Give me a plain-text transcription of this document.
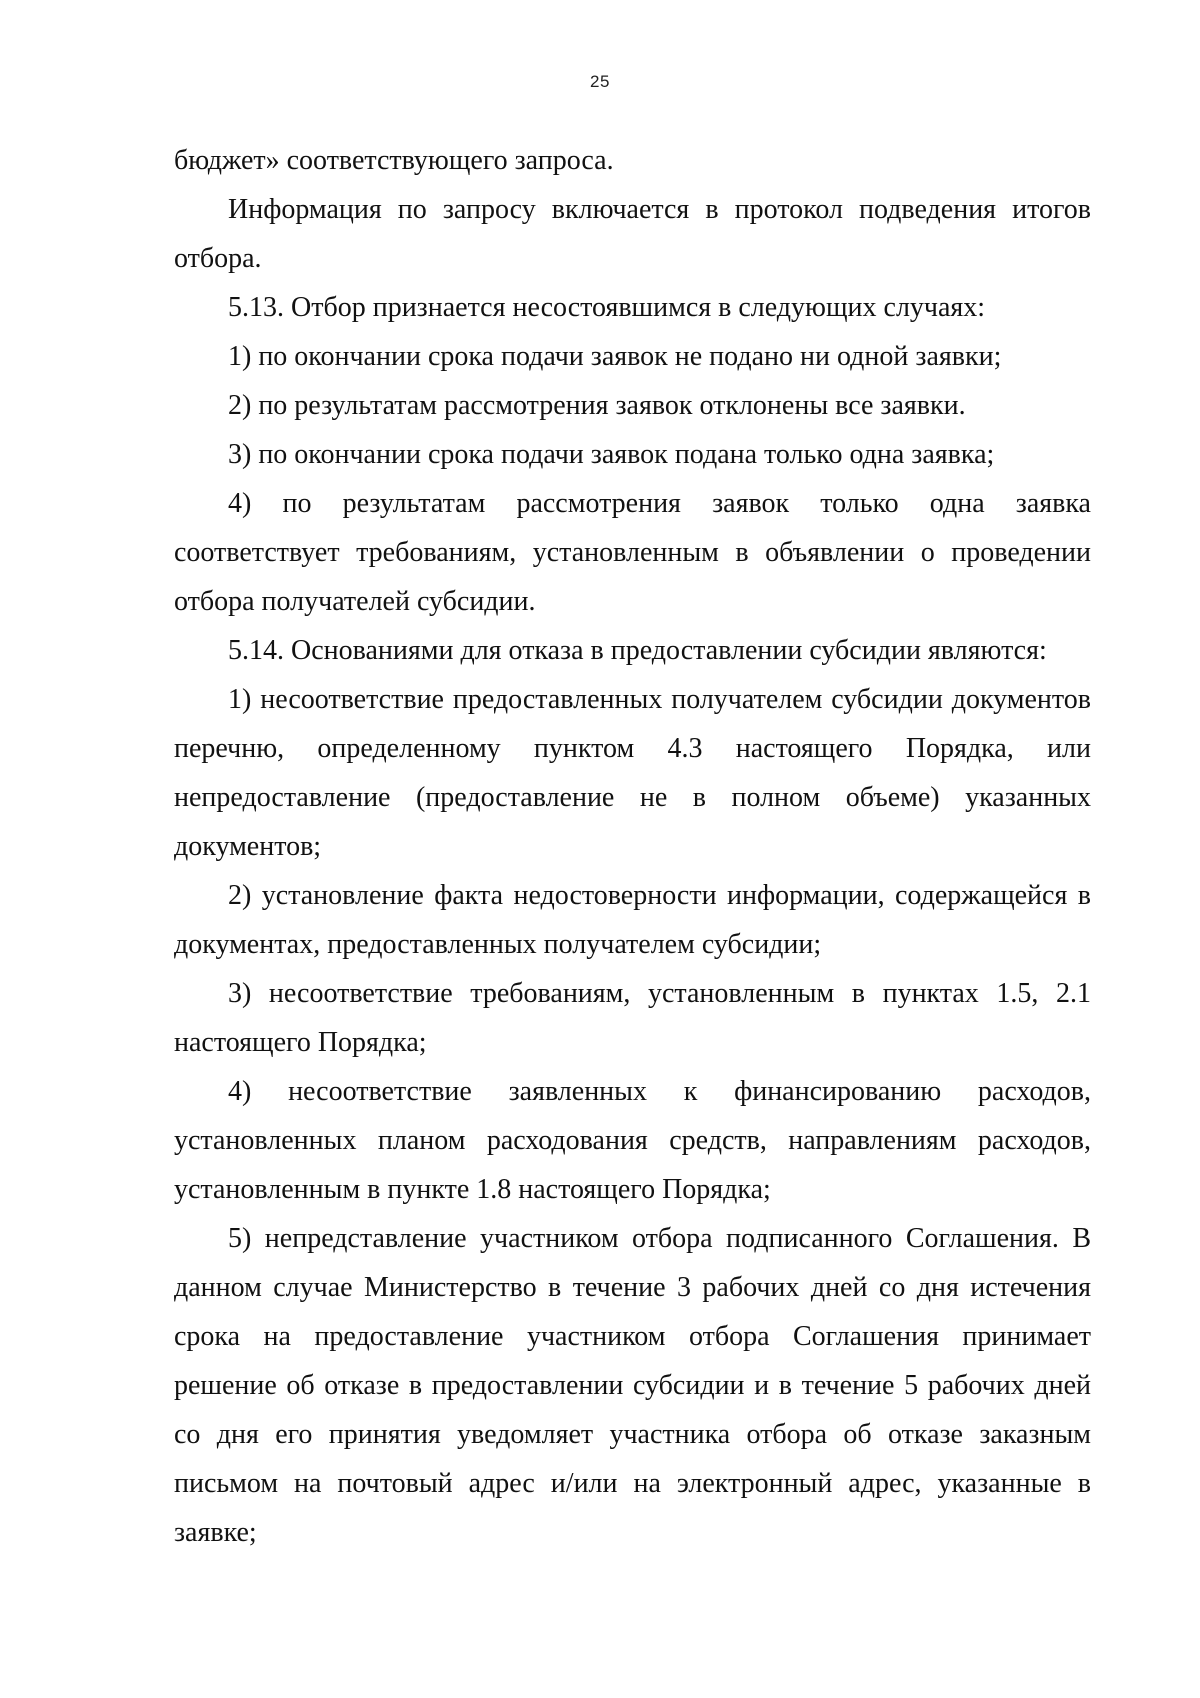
25

бюджет» соответствующего запроса.

Информация по запросу включается в протокол подведения итогов отбора.

5.13. Отбор признается несостоявшимся в следующих случаях:

1) по окончании срока подачи заявок не подано ни одной заявки;

2) по результатам рассмотрения заявок отклонены все заявки.

3) по окончании срока подачи заявок подана только одна заявка;

4) по результатам рассмотрения заявок только одна заявка соответствует требованиям, установленным в объявлении о проведении отбора получателей субсидии.

5.14. Основаниями для отказа в предоставлении субсидии являются:

1) несоответствие предоставленных получателем субсидии документов перечню, определенному пунктом 4.3 настоящего Порядка, или непредоставление (предоставление не в полном объеме) указанных документов;

2) установление факта недостоверности информации, содержащейся в документах, предоставленных получателем субсидии;

3) несоответствие требованиям, установленным в пунктах 1.5, 2.1 настоящего Порядка;

4) несоответствие заявленных к финансированию расходов, установленных планом расходования средств, направлениям расходов, установленным в пункте 1.8 настоящего Порядка;

5) непредставление участником отбора подписанного Соглашения. В данном случае Министерство в течение 3 рабочих дней со дня истечения срока на предоставление участником отбора Соглашения принимает решение об отказе в предоставлении субсидии и в течение 5 рабочих дней со дня его принятия уведомляет участника отбора об отказе заказным письмом на почтовый адрес и/или на электронный адрес, указанные в заявке;
